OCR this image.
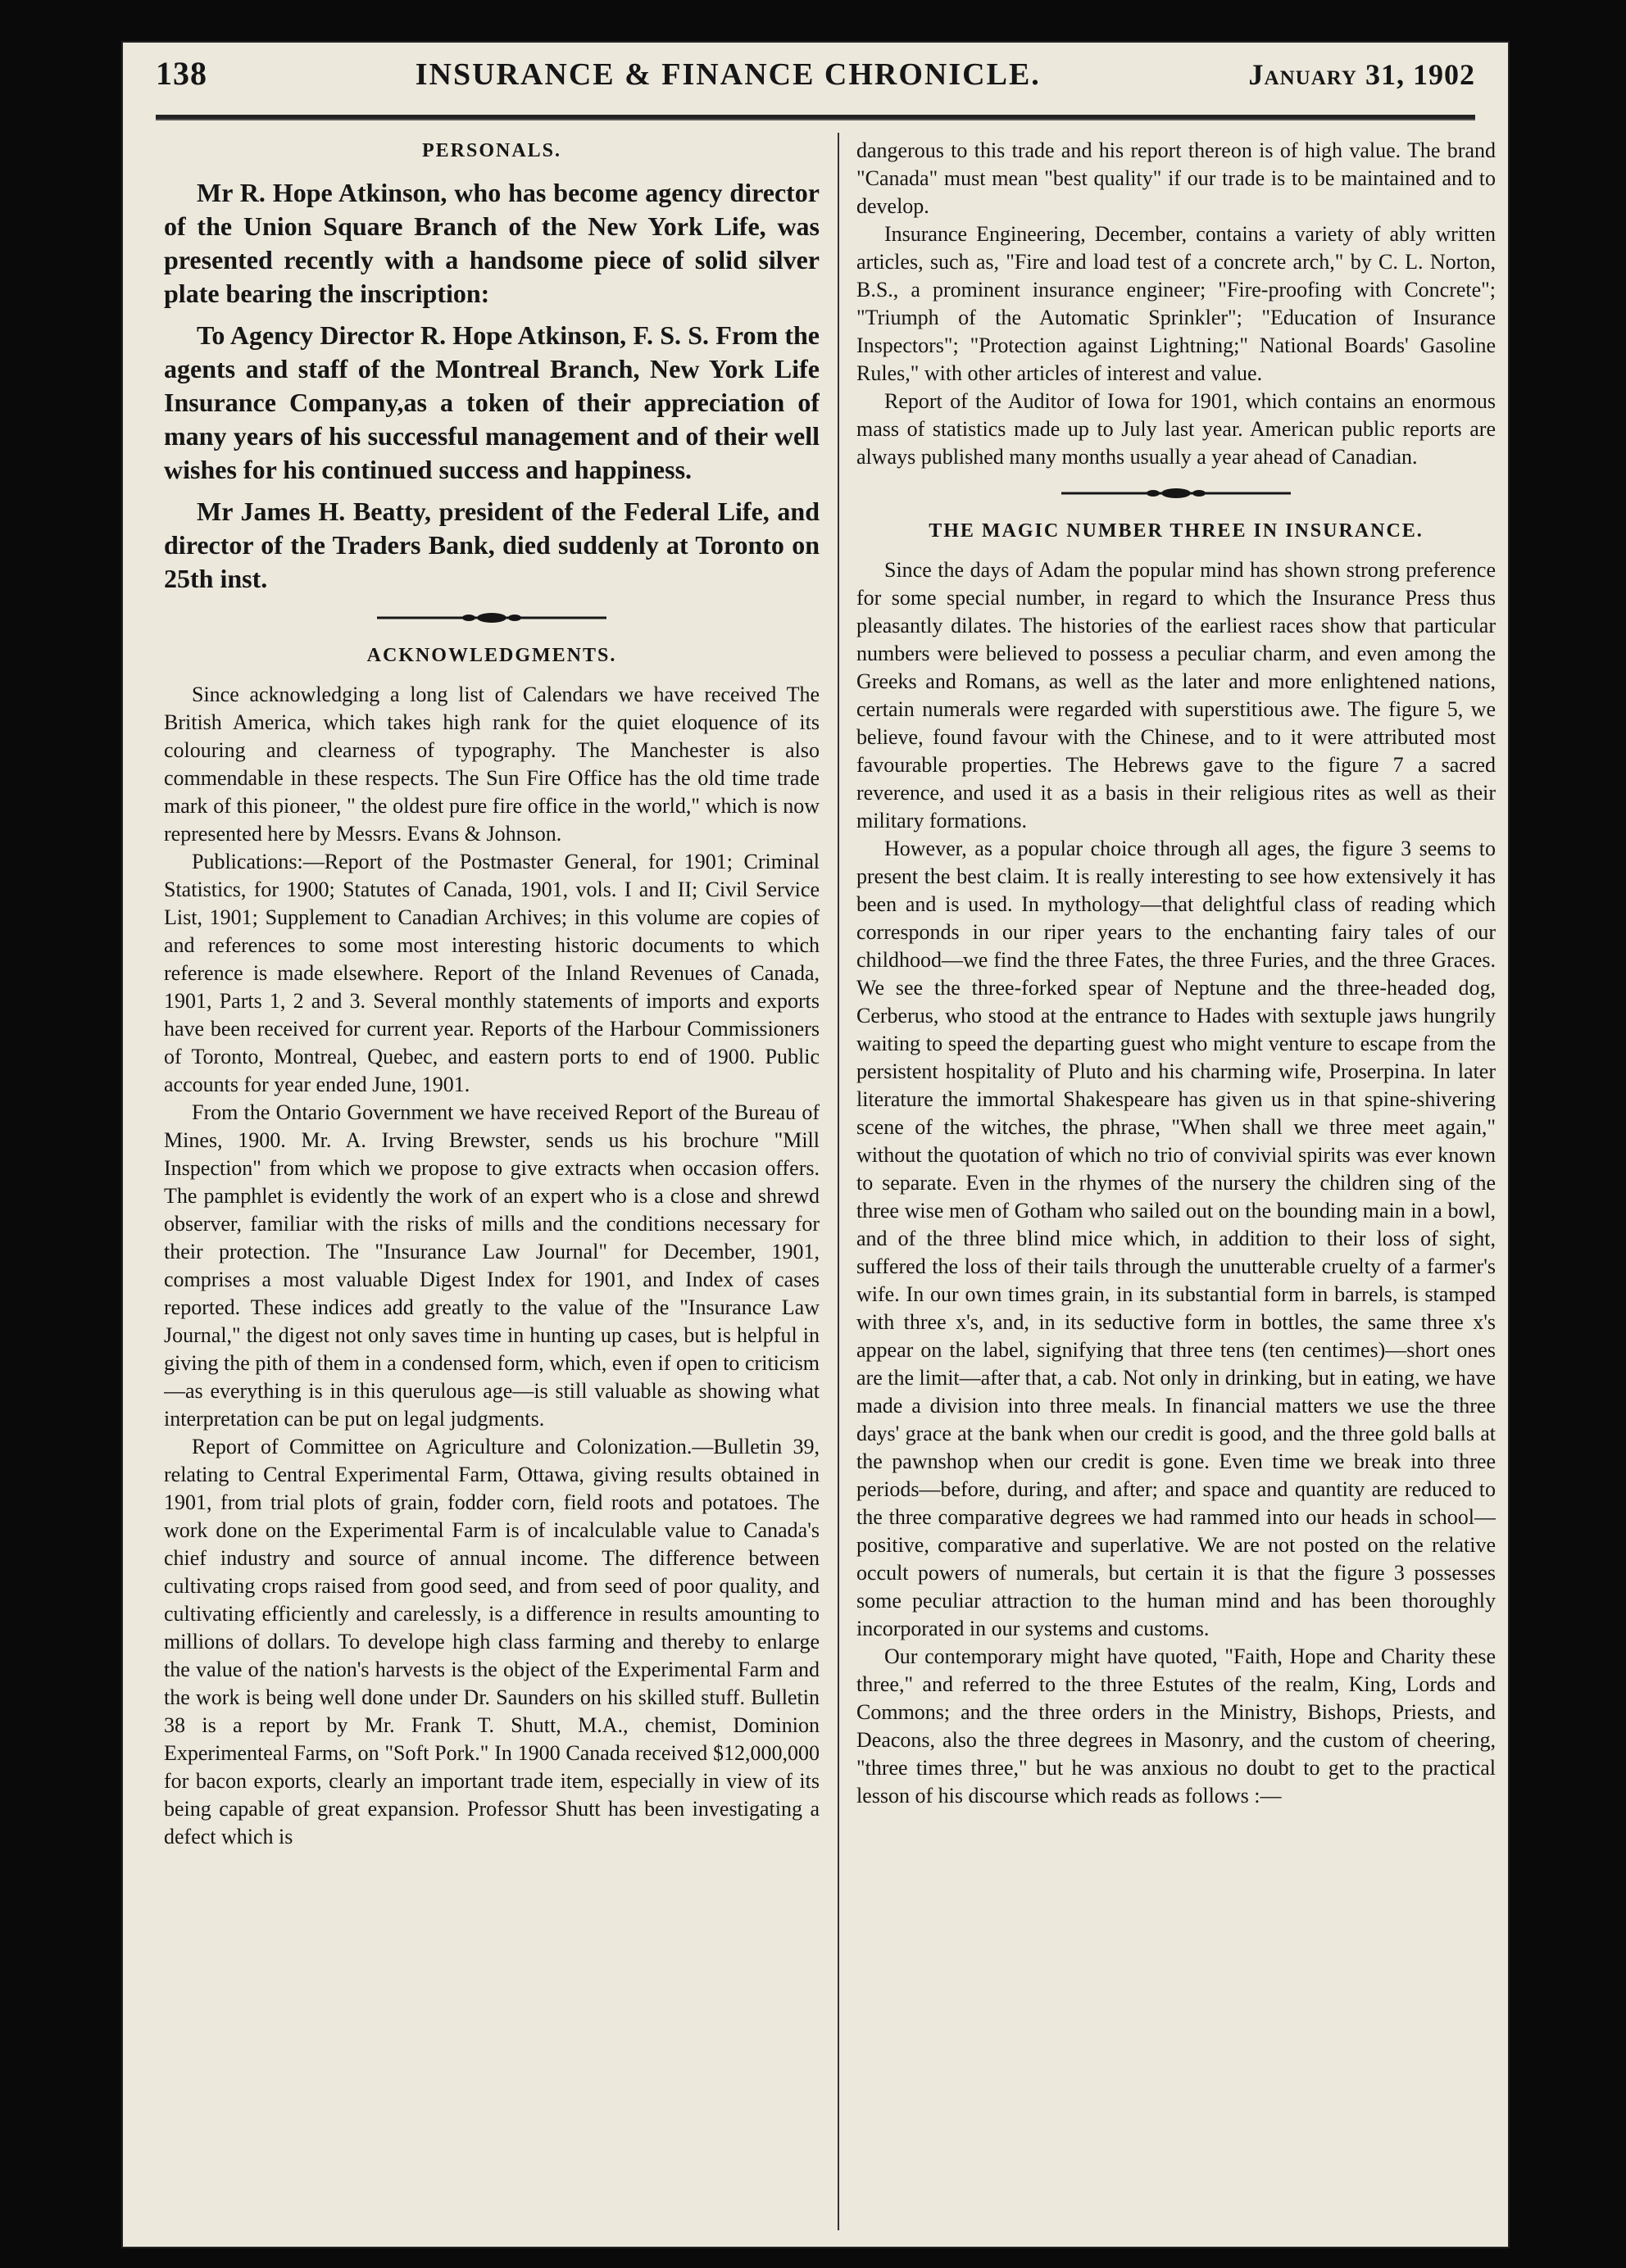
138	INSURANCE & FINANCE CHRONICLE.	January 31, 1902
PERSONALS.

Mr R. Hope Atkinson, who has become agency director of the Union Square Branch of the New York Life, was presented recently with a handsome piece of solid silver plate bearing the inscription:

To Agency Director R. Hope Atkinson, F. S. S. From the agents and staff of the Montreal Branch, New York Life Insurance Company,as a token of their appreciation of many years of his successful management and of their well wishes for his continued success and happiness.

Mr James H. Beatty, president of the Federal Life, and director of the Traders Bank, died suddenly at Toronto on 25th inst.

ACKNOWLEDGMENTS.

Since acknowledging a long list of Calendars we have received The British America, which takes high rank for the quiet eloquence of its colouring and clearness of typography. The Manchester is also commendable in these respects. The Sun Fire Office has the old time trade mark of this pioneer, " the oldest pure fire office in the world," which is now represented here by Messrs. Evans & Johnson.

Publications:—Report of the Postmaster General, for 1901; Criminal Statistics, for 1900; Statutes of Canada, 1901, vols. I and II; Civil Service List, 1901; Supplement to Canadian Archives; in this volume are copies of and references to some most interesting historic documents to which reference is made elsewhere. Report of the Inland Revenues of Canada, 1901, Parts 1, 2 and 3. Several monthly statements of imports and exports have been received for current year. Reports of the Harbour Commissioners of Toronto, Montreal, Quebec, and eastern ports to end of 1900. Public accounts for year ended June, 1901.

From the Ontario Government we have received Report of the Bureau of Mines, 1900. Mr. A. Irving Brewster, sends us his brochure "Mill Inspection" from which we propose to give extracts when occasion offers. The pamphlet is evidently the work of an expert who is a close and shrewd observer, familiar with the risks of mills and the conditions necessary for their protection. The "Insurance Law Journal" for December, 1901, comprises a most valuable Digest Index for 1901, and Index of cases reported. These indices add greatly to the value of the "Insurance Law Journal," the digest not only saves time in hunting up cases, but is helpful in giving the pith of them in a condensed form, which, even if open to criticism—as everything is in this querulous age—is still valuable as showing what interpretation can be put on legal judgments.

Report of Committee on Agriculture and Colonization.—Bulletin 39, relating to Central Experimental Farm, Ottawa, giving results obtained in 1901, from trial plots of grain, fodder corn, field roots and potatoes. The work done on the Experimental Farm is of incalculable value to Canada's chief industry and source of annual income. The difference between cultivating crops raised from good seed, and from seed of poor quality, and cultivating efficiently and carelessly, is a difference in results amounting to millions of dollars. To develope high class farming and thereby to enlarge the value of the nation's harvests is the object of the Experimental Farm and the work is being well done under Dr. Saunders on his skilled stuff. Bulletin 38 is a report by Mr. Frank T. Shutt, M.A., chemist, Dominion Experimenteal Farms, on "Soft Pork." In 1900 Canada received $12,000,000 for bacon exports, clearly an important trade item, especially in view of its being capable of great expansion. Professor Shutt has been investigating a defect which is

dangerous to this trade and his report thereon is of high value. The brand "Canada" must mean "best quality" if our trade is to be maintained and to develop.

Insurance Engineering, December, contains a variety of ably written articles, such as, "Fire and load test of a concrete arch," by C. L. Norton, B.S., a prominent insurance engineer; "Fire-proofing with Concrete"; "Triumph of the Automatic Sprinkler"; "Education of Insurance Inspectors"; "Protection against Lightning;" National Boards' Gasoline Rules," with other articles of interest and value.

Report of the Auditor of Iowa for 1901, which contains an enormous mass of statistics made up to July last year. American public reports are always published many months usually a year ahead of Canadian.

THE MAGIC NUMBER THREE IN INSURANCE.

Since the days of Adam the popular mind has shown strong preference for some special number, in regard to which the Insurance Press thus pleasantly dilates. The histories of the earliest races show that particular numbers were believed to possess a peculiar charm, and even among the Greeks and Romans, as well as the later and more enlightened nations, certain numerals were regarded with superstitious awe. The figure 5, we believe, found favour with the Chinese, and to it were attributed most favourable properties. The Hebrews gave to the figure 7 a sacred reverence, and used it as a basis in their religious rites as well as their military formations.

However, as a popular choice through all ages, the figure 3 seems to present the best claim. It is really interesting to see how extensively it has been and is used. In mythology—that delightful class of reading which corresponds in our riper years to the enchanting fairy tales of our childhood—we find the three Fates, the three Furies, and the three Graces. We see the three-forked spear of Neptune and the three-headed dog, Cerberus, who stood at the entrance to Hades with sextuple jaws hungrily waiting to speed the departing guest who might venture to escape from the persistent hospitality of Pluto and his charming wife, Proserpina. In later literature the immortal Shakespeare has given us in that spine-shivering scene of the witches, the phrase, "When shall we three meet again," without the quotation of which no trio of convivial spirits was ever known to separate. Even in the rhymes of the nursery the children sing of the three wise men of Gotham who sailed out on the bounding main in a bowl, and of the three blind mice which, in addition to their loss of sight, suffered the loss of their tails through the unutterable cruelty of a farmer's wife. In our own times grain, in its substantial form in barrels, is stamped with three x's, and, in its seductive form in bottles, the same three x's appear on the label, signifying that three tens (ten centimes)—short ones are the limit—after that, a cab. Not only in drinking, but in eating, we have made a division into three meals. In financial matters we use the three days' grace at the bank when our credit is good, and the three gold balls at the pawnshop when our credit is gone. Even time we break into three periods—before, during, and after; and space and quantity are reduced to the three comparative degrees we had rammed into our heads in school—positive, comparative and superlative. We are not posted on the relative occult powers of numerals, but certain it is that the figure 3 possesses some peculiar attraction to the human mind and has been thoroughly incorporated in our systems and customs.

Our contemporary might have quoted, "Faith, Hope and Charity these three," and referred to the three Estutes of the realm, King, Lords and Commons; and the three orders in the Ministry, Bishops, Priests, and Deacons, also the three degrees in Masonry, and the custom of cheering, "three times three," but he was anxious no doubt to get to the practical lesson of his discourse which reads as follows :—
